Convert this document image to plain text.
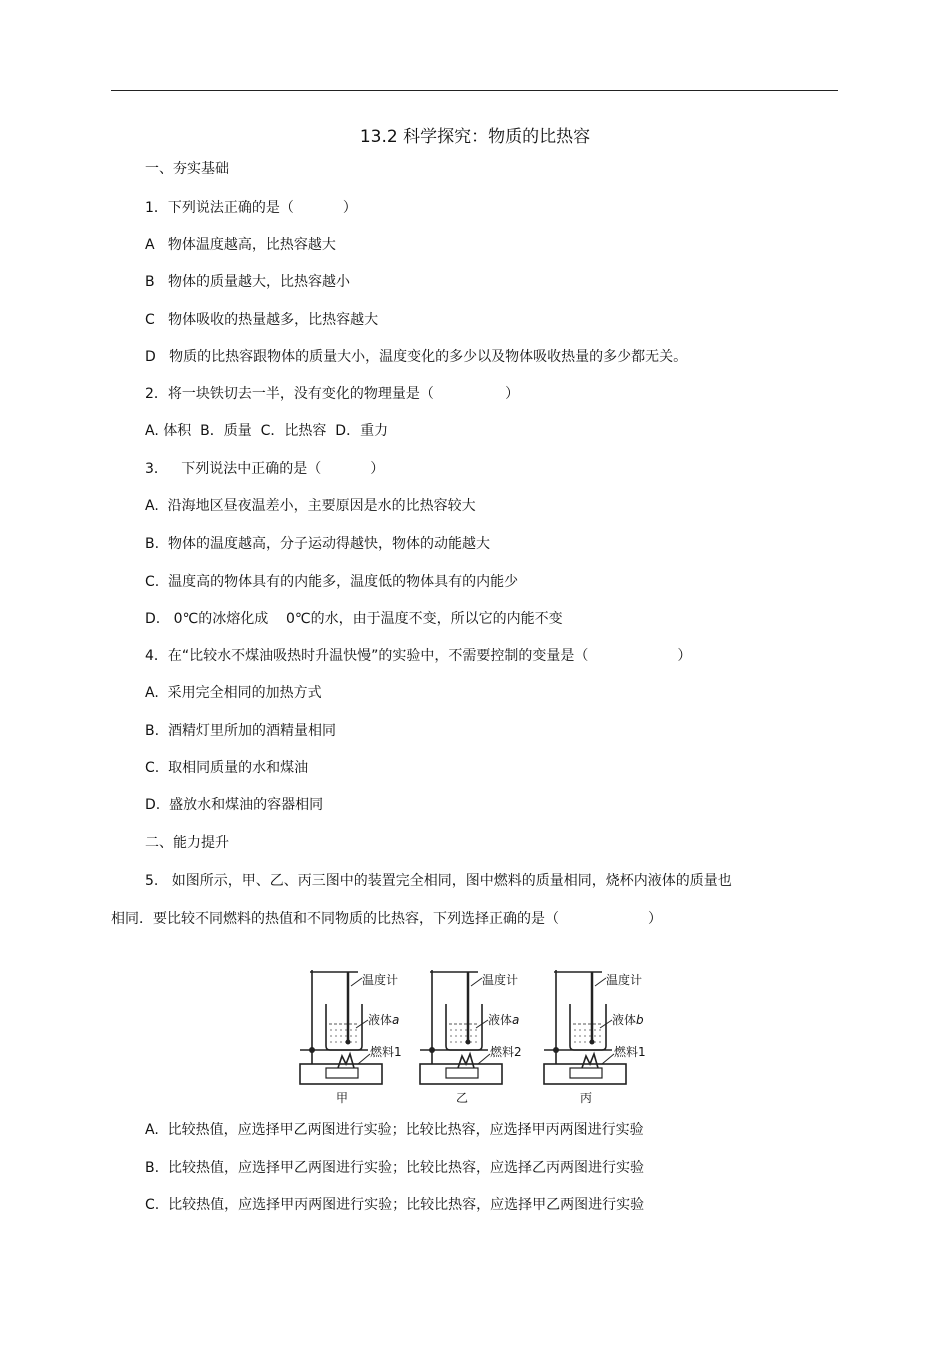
13.2 科学探究：物质的比热容
一、夯实基础
1．下列说法正确的是（           ）
A   物体温度越高，比热容越大
B   物体的质量越大，比热容越小
C   物体吸收的热量越多，比热容越大
D   物质的比热容跟物体的质量大小，温度变化的多少以及物体吸收热量的多少都无关。
2．将一块铁切去一半，没有变化的物理量是（                ）
A. 体积  B．质量  C．比热容  D．重力
3．   下列说法中正确的是（           ）
A.  沿海地区昼夜温差小，主要原因是水的比热容较大
B.  物体的温度越高，分子运动得越快，物体的动能越大
C.  温度高的物体具有的内能多，温度低的物体具有的内能少
D.   0℃的冰熔化成    0℃的水，由于温度不变，所以它的内能不变
4．在“比较水不煤油吸热时升温快慢”的实验中，不需要控制的变量是（                    ）
A.  采用完全相同的加热方式
B.  酒精灯里所加的酒精量相同
C.  取相同质量的水和煤油
D.  盛放水和煤油的容器相同
二、能力提升
5.   如图所示，甲、乙、丙三图中的装置完全相同，图中燃料的质量相同，烧杯内液体的质量也
相同．要比较不同燃料的热值和不同物质的比热容，下列选择正确的是（                    ）
温度计
液体a
燃料1
甲
温度计
液体a
燃料2
乙
温度计
液体b
燃料1
丙
A.  比较热值，应选择甲乙两图进行实验；比较比热容，应选择甲丙两图进行实验
B.  比较热值，应选择甲乙两图进行实验；比较比热容，应选择乙丙两图进行实验
C.  比较热值，应选择甲丙两图进行实验；比较比热容，应选择甲乙两图进行实验
